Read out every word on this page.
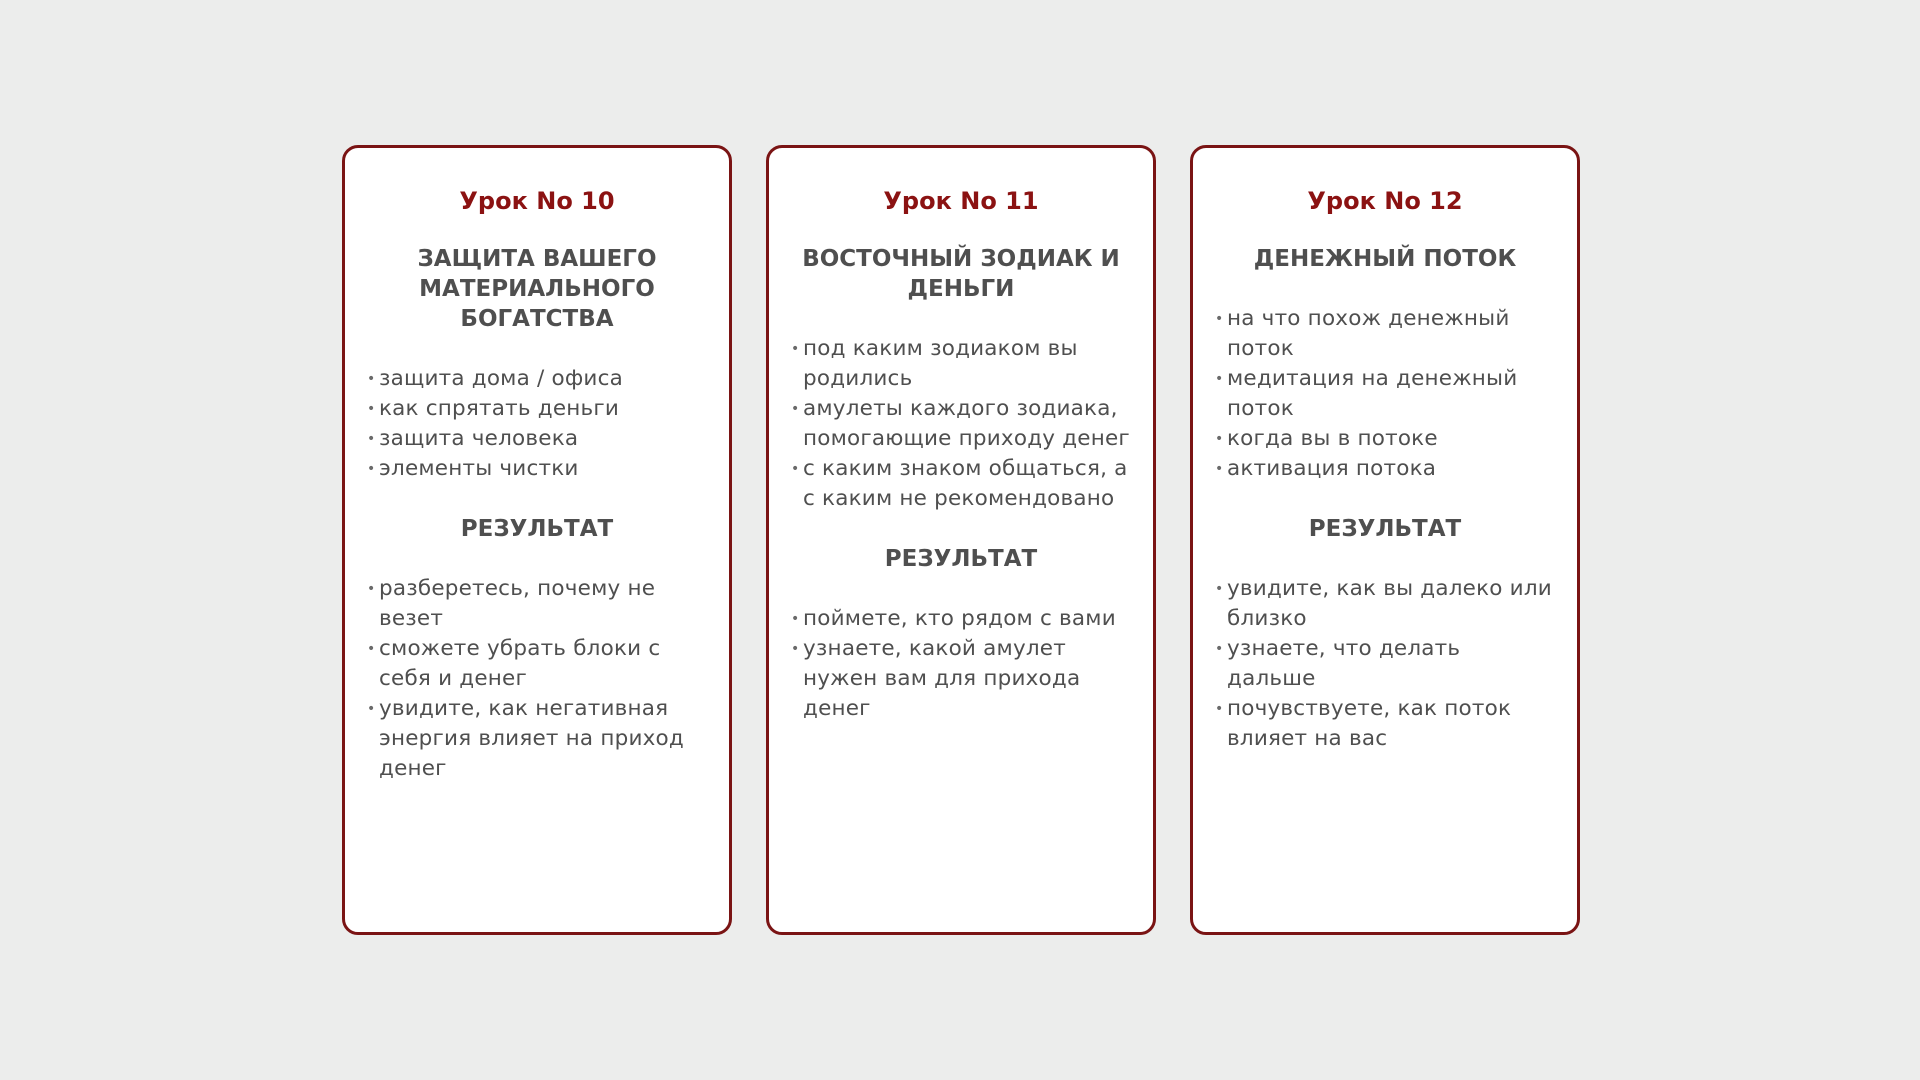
Урок No 10
ЗАЩИТА ВАШЕГО МАТЕРИАЛЬНОГО БОГАТСТВА
• защита дома / офиса
• как спрятать деньги
• защита человека
• элементы чистки
РЕЗУЛЬТАТ
• разберетесь, почему не везет
• сможете убрать блоки с себя и денег
• увидите, как негативная энергия влияет на приход денег
Урок No 11
ВОСТОЧНЫЙ ЗОДИАК И ДЕНЬГИ
• под каким зодиаком вы родились
• амулеты каждого зодиака, помогающие приходу денег
• с каким знаком общаться, а с каким не рекомендовано
РЕЗУЛЬТАТ
• поймете, кто рядом с вами
• узнаете, какой амулет нужен вам для прихода денег
Урок No 12
ДЕНЕЖНЫЙ ПОТОК
• на что похож денежный поток
• медитация на денежный поток
• когда вы в потоке
• активация потока
РЕЗУЛЬТАТ
• увидите, как вы далеко или близко
• узнаете, что делать дальше
• почувствуете, как поток влияет на вас
